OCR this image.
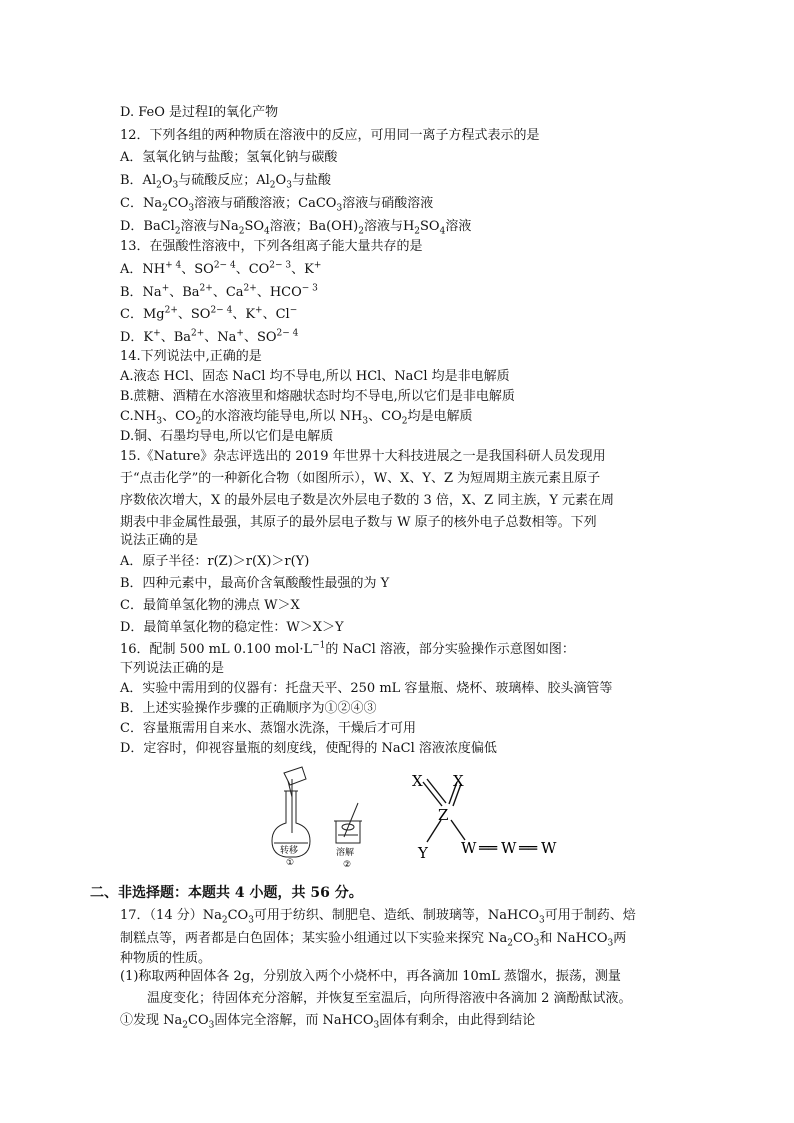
D. FeO 是过程Ⅰ的氧化产物
12．下列各组的两种物质在溶液中的反应，可用同一离子方程式表示的是
A．氢氧化钠与盐酸；氢氧化钠与碳酸
B．$Al_2O_3$与硫酸反应；$Al_2O_3$与盐酸
C．$Na_2CO_3$溶液与硝酸溶液；CaCO$_3$溶液与硝酸溶液
D．BaCl$_2$溶液与$Na_2SO_4$溶液；$Ba(OH)_2$溶液与$H_2SO_4$溶液
13．在强酸性溶液中，下列各组离子能大量共存的是
A．$NH^{+ 4}$、$SO^{2- 4}$、$CO^{2- 3}$、K+
B．Na+、$Ba^{2+}$、$Ca^{2+}$、$HCO^{- 3}$
C．$Mg^{2+}$、$SO^{2- 4}$、K+、Cl−
D．K+、$Ba^{2+}$、Na+、$SO^{2- 4}$
14.下列说法中,正确的是
A.液态 HCl、固态 NaCl 均不导电,所以 HCl、NaCl 均是非电解质
B.蔗糖、酒精在水溶液里和熔融状态时均不导电,所以它们是非电解质
$C.NH_3$、$CO_2$的水溶液均能导电,所以 $NH_3$、$CO_2$均是电解质
D.铜、石墨均导电,所以它们是电解质
15.《Nature》杂志评选出的 2019 年世界十大科技进展之一是我国科研人员发现用
于“点击化学”的一种新化合物（如图所示），W、X、Y、Z 为短周期主族元素且原子
序数依次增大，X 的最外层电子数是次外层电子数的 3 倍，X、Z 同主族，Y 元素在周
期表中非金属性最强，其原子的最外层电子数与 W 原子的核外电子总数相等。下列
说法正确的是
A．原子半径：r(Z)＞r(X)＞r(Y)
B．四种元素中，最高价含氧酸酸性最强的为 Y
C．最简单氢化物的沸点 W＞X
D．最简单氢化物的稳定性：W＞X＞Y
16．配制 500 mL 0.100 $mol\cdot L^{-1}$的 NaCl 溶液，部分实验操作示意图如图：
下列说法正确的是
A．实验中需用到的仪器有：托盘天平、250 mL 容量瓶、烧杯、玻璃棒、胶头滴管等
B．上述实验操作步骤的正确顺序为①②④③
C．容量瓶需用自来水、蒸馏水洗涤，干燥后才可用
D．定容时，仰视容量瓶的刻度线，使配得的 NaCl 溶液浓度偏低
转移
①
溶解
②
X X
Z
Y W ══ W ══ W
二、非选择题：本题共 4 小题，共 56 分。
17．（14 分）$Na_2CO_3$可用于纺织、制肥皂、造纸、制玻璃等，NaHCO$_3$可用于制药、焙
制糕点等，两者都是白色固体；某实验小组通过以下实验来探究 $Na_2CO_3$和 NaHCO$_3$两
种物质的性质。
(1)称取两种固体各 2g，分别放入两个小烧杯中，再各滴加 10mL 蒸馏水，振荡，测量
温度变化；待固体充分溶解，并恢复至室温后，向所得溶液中各滴加 2 滴酚酞试液。
①发现 $Na_2CO_3$固体完全溶解，而 NaHCO$_3$固体有剩余，由此得到结论
